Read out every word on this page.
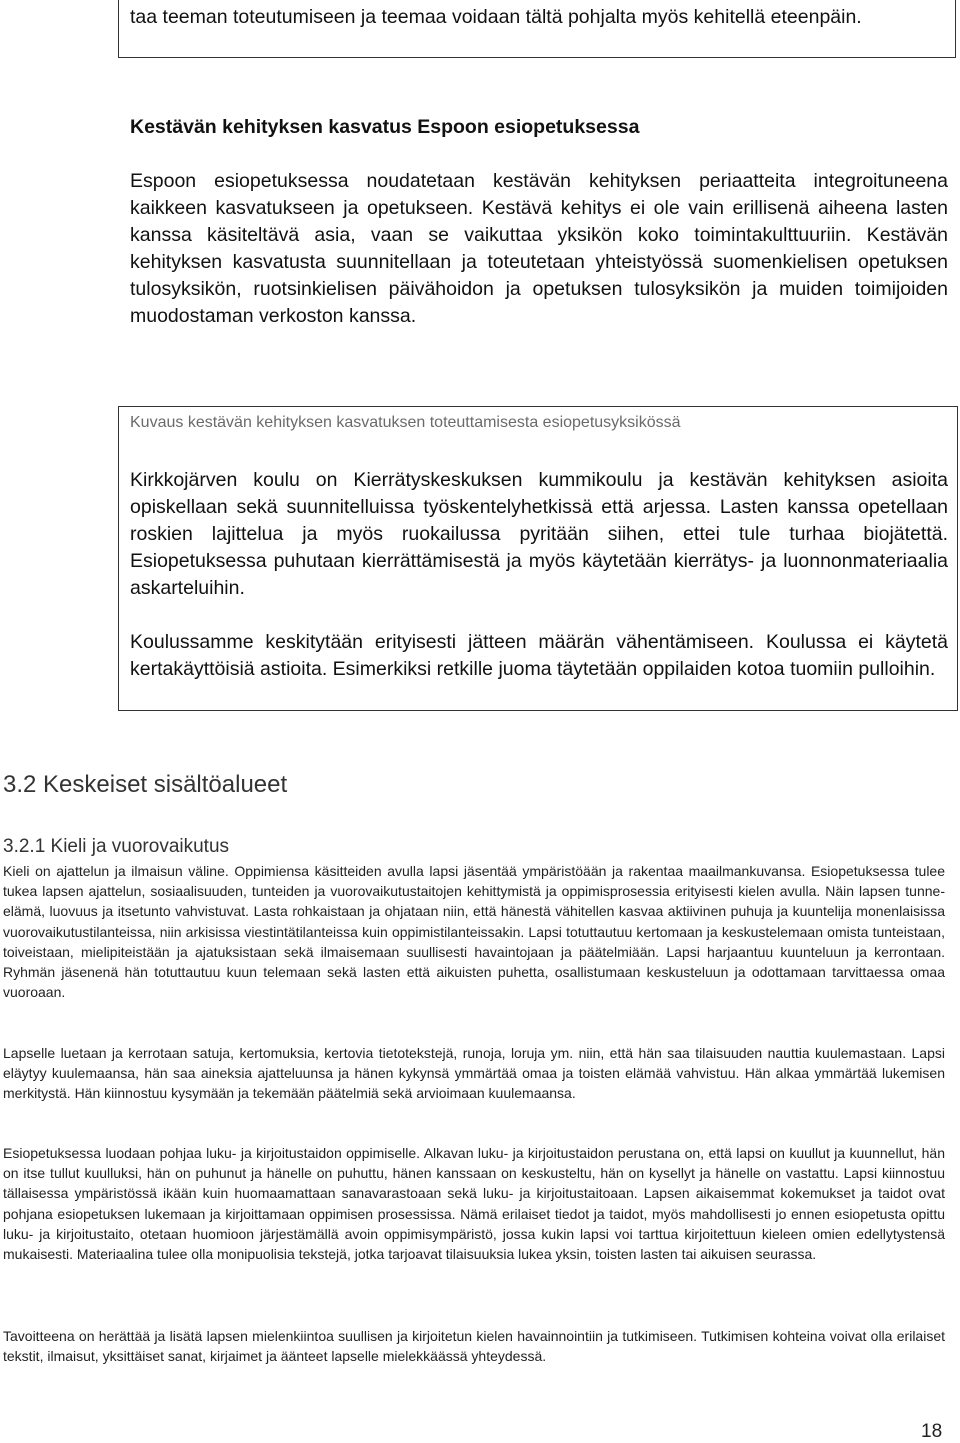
taa teeman toteutumiseen ja teemaa voidaan tältä pohjalta myös kehitellä eteenpäin.

Kestävän kehityksen kasvatus Espoon esiopetuksessa

Espoon esiopetuksessa noudatetaan kestävän kehityksen periaatteita integroituneena kaikkeen kasvatukseen ja opetukseen. Kestävä kehitys ei ole vain erillisenä aiheena lasten kanssa käsiteltävä asia, vaan se vaikuttaa yksikön koko toimintakulttuuriin. Kestävän kehityksen kasvatusta suunnitellaan ja toteutetaan yhteistyössä suomenkielisen opetuksen tulosyksikön, ruotsinkielisen päivähoidon ja opetuksen tulosyksikön ja muiden toimijoiden muodostaman verkoston kanssa.

Kuvaus kestävän kehityksen kasvatuksen toteuttamisesta esiopetusyksikössä

Kirkkojärven koulu on Kierrätyskeskuksen kummikoulu ja kestävän kehityksen asioita opiskellaan sekä suunnitelluissa työskentelyhetkissä että arjessa. Lasten kanssa opetellaan roskien lajittelua ja myös ruokailussa pyritään siihen, ettei tule turhaa biojätettä. Esiopetuksessa puhutaan kierrättämisestä ja myös käytetään kierrätys- ja luonnonmateriaalia askarteluihin.

Koulussamme keskitytään erityisesti jätteen määrän vähentämiseen. Koulussa ei käytetä kertakäyttöisiä astioita. Esimerkiksi retkille juoma täytetään oppilaiden kotoa tuomiin pulloihin.

3.2 Keskeiset sisältöalueet
3.2.1 Kieli ja vuorovaikutus

Kieli on ajattelun ja ilmaisun väline. Oppimiensa käsitteiden avulla lapsi jäsentää ympäristöään ja rakentaa maailmankuvansa. Esiopetuksessa tulee tukea lapsen ajattelun, sosiaalisuuden, tunteiden ja vuorovaikutustaitojen kehittymistä ja oppimisprosessia erityisesti kielen avulla. Näin lapsen tunne-elämä, luovuus ja itsetunto vahvistuvat. Lasta rohkaistaan ja ohjataan niin, että hänestä vähitellen kasvaa aktiivinen puhuja ja kuuntelija monenlaisissa vuorovaikutustilanteissa, niin arkisissa viestintätilanteissa kuin oppimistilanteissakin. Lapsi totuttautuu kertomaan ja keskustelemaan omista tunteistaan, toiveistaan, mielipiteistään ja ajatuksistaan sekä ilmaisemaan suullisesti havaintojaan ja päätelmiään. Lapsi harjaantuu kuunteluun ja kerrontaan. Ryhmän jäsenenä hän totuttautuu kuun telemaan sekä lasten että aikuisten puhetta, osallistumaan keskusteluun ja odottamaan tarvittaessa omaa vuoroaan.

Lapselle luetaan ja kerrotaan satuja, kertomuksia, kertovia tietotekstejä, runoja, loruja ym. niin, että hän saa tilaisuuden nauttia kuulemastaan. Lapsi eläytyy kuulemaansa, hän saa aineksia ajatteluunsa ja hänen kykynsä ymmärtää omaa ja toisten elämää vahvistuu. Hän alkaa ymmärtää lukemisen merkitystä. Hän kiinnostuu kysymään ja tekemään päätelmiä sekä arvioimaan kuulemaansa.

Esiopetuksessa luodaan pohjaa luku- ja kirjoitustaidon oppimiselle. Alkavan luku- ja kirjoitustaidon perustana on, että lapsi on kuullut ja kuunnellut, hän on itse tullut kuulluksi, hän on puhunut ja hänelle on puhuttu, hänen kanssaan on keskusteltu, hän on kysellyt ja hänelle on vastattu. Lapsi kiinnostuu tällaisessa ympäristössä ikään kuin huomaamattaan sanavarastoaan sekä luku- ja kirjoitustaitoaan. Lapsen aikaisemmat kokemukset ja taidot ovat pohjana esiopetuksen lukemaan ja kirjoittamaan oppimisen prosessissa. Nämä erilaiset tiedot ja taidot, myös mahdollisesti jo ennen esiopetusta opittu luku- ja kirjoitustaito, otetaan huomioon järjestämällä avoin oppimisympäristö, jossa kukin lapsi voi tarttua kirjoitettuun kieleen omien edellytystensä mukaisesti. Materiaalina tulee olla monipuolisia tekstejä, jotka tarjoavat tilaisuuksia lukea yksin, toisten lasten tai aikuisen seurassa.

Tavoitteena on herättää ja lisätä lapsen mielenkiintoa suullisen ja kirjoitetun kielen havainnointiin ja tutkimiseen. Tutkimisen kohteina voivat olla erilaiset tekstit, ilmaisut, yksittäiset sanat, kirjaimet ja äänteet lapselle mielekkäässä yhteydessä.

18
